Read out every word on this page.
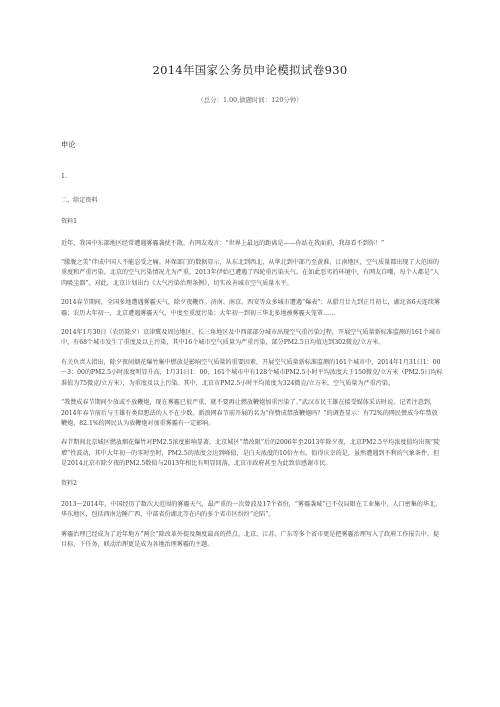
2014年国家公务员申论模拟试卷930
（总分：1.00,做题时间：120分钟）

申论

1.

二、给定资料

资料1

近年，我国中东部地区经常遭遇雾霾袭扰不散。有网友戏言：“世界上最远的距离是——你站在我面前，我却看不到你！”

“朦胧之美”伴成中国人不能忍受之痛。环保部门的数据显示，从东北到西北，从华北到中部乃至黄淮、江南地区，空气质量都出现了大范围的重度和严重污染。北京的空气污染情况尤为严重，2013年伊始已遭遇了四轮重污染天气。在如此恶劣的环境中，有网友自嘲，每个人都是“人肉吸尘器”。对此，北京计划出台《大气污染治理条例》，切实改善城市空气质量水平。

2014春节期间，全国多地遭遇雾霾天气，除夕夜鞭炸。济南、南京、西安等众多城市遭遇“爆表”；从腊月廿九到正月初七，湖北省6天连续雾霾；农历大年初一，北京遭遇雾霾天气，中度至重度污染；大年初一到初三华北多地被雾霾天笼罩……

2014年1月30日（农历除夕）京津冀及周边地区、长三角地区及中西部部分城市出现空气重污染过程，开展空气质量新标准监测的161个城市中，有68个城市发生了重度及以上污染，其中16个城市空气质量为严重污染，部分PM2.5日均值达到302微克/立方米。

有关负责人指出，除夕夜间烟花爆竹集中燃放是影响空气质量的重要因素，开展空气质量新标准监测的161个城市中，2014年1月31日1：00～3：00的PM2.5小时浓度明显升高，1月31日1：00，161个城市中有128个城市PM2.5小时平均浓度大于150微克/立方米（PM2.5日均标准值为75微克/立方米），为重度及以上污染。其中，北京市PM2.5小时平均浓度为324微克/立方米，空气质量为严重污染。

“我赞成春节期间少放或不放鞭炮，现在雾霾已很严重，就不要再让燃放鞭炮加重污染了。”武汉市民王雄在接受媒体采访时说。记者注意到，2014年春节前后与王雄有类似想法的人不在少数。新浪网春节前开展的名为“你赞成禁放鞭炮吗？”的调查显示：有72%的网民赞成今年禁放鞭炮，82.1%的网民认为放鞭炮对加重雾霾有一定影响。

春节期间北京城区燃放烟花爆竹对PM2.5浓度影响显著。北京城区“禁改限”后的2006年至2013年除夕夜，北京PM2.5平均浓度值均出现“陡增”性波动，其中大年初一的零时至时，PM2.5的浓度会达到峰值，是白天浓度的10倍左右。值得庆幸的是，虽然遭遇到不利的气象条件，但是2014北京市除夕夜的PM2.5数值与2013年相比有明显回落，北京市政府甚至为此致信感谢市民。

资料2

2013～2014年，中国经历了数次大范围的雾霾天气，最严重的一次曾波及17个省份，“雾霾袭城”已不仅局限在工业集中、人口密集的华北、华东地区，包括西南边陲广西、中部省份湖北等在内的多个省市区纷纷“沦陷”。

雾霾治理已经成为了近年地方“两会”除改革外提及频度最高的热点。北京、江苏、广东等多个省市更是把雾霾治理写入了政府工作报告中。提目标、下任务，联动治理更是成为各地治理雾霾的主题。
